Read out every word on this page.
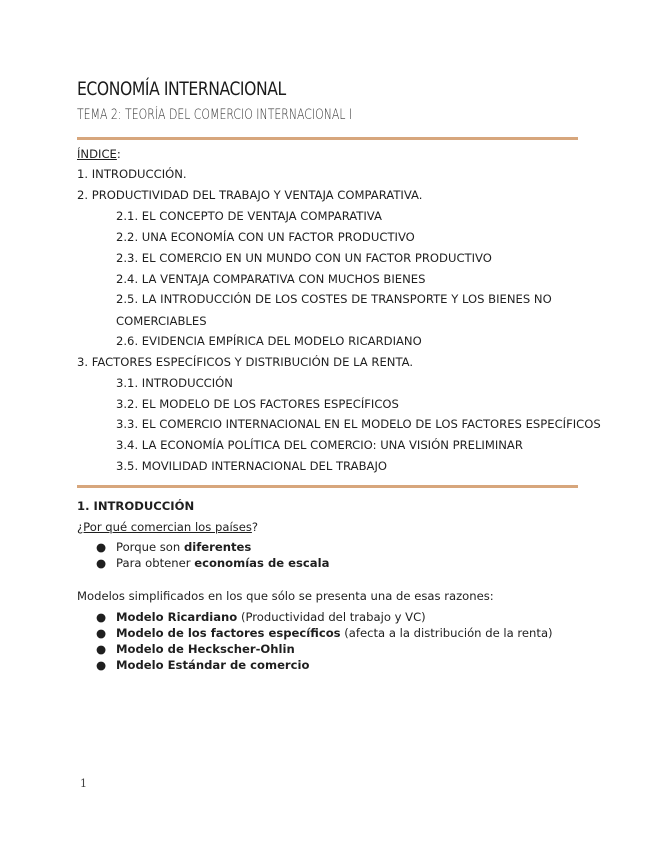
ECONOMÍA INTERNACIONAL
TEMA 2: TEORÍA DEL COMERCIO INTERNACIONAL I
ÍNDICE:
1. INTRODUCCIÓN.
2. PRODUCTIVIDAD DEL TRABAJO Y VENTAJA COMPARATIVA.
2.1. EL CONCEPTO DE VENTAJA COMPARATIVA
2.2. UNA ECONOMÍA CON UN FACTOR PRODUCTIVO
2.3. EL COMERCIO EN UN MUNDO CON UN FACTOR PRODUCTIVO
2.4. LA VENTAJA COMPARATIVA CON MUCHOS BIENES
2.5. LA INTRODUCCIÓN DE LOS COSTES DE TRANSPORTE Y LOS BIENES NO
COMERCIABLES
2.6. EVIDENCIA EMPÍRICA DEL MODELO RICARDIANO
3. FACTORES ESPECÍFICOS Y DISTRIBUCIÓN DE LA RENTA.
3.1. INTRODUCCIÓN
3.2. EL MODELO DE LOS FACTORES ESPECÍFICOS
3.3. EL COMERCIO INTERNACIONAL EN EL MODELO DE LOS FACTORES ESPECÍFICOS
3.4. LA ECONOMÍA POLÍTICA DEL COMERCIO: UNA VISIÓN PRELIMINAR
3.5. MOVILIDAD INTERNACIONAL DEL TRABAJO
1. INTRODUCCIÓN
¿Por qué comercian los países?
● Porque son diferentes
● Para obtener economías de escala
Modelos simplificados en los que sólo se presenta una de esas razones:
● Modelo Ricardiano (Productividad del trabajo y VC)
● Modelo de los factores específicos (afecta a la distribución de la renta)
● Modelo de Heckscher-Ohlin
● Modelo Estándar de comercio
1
